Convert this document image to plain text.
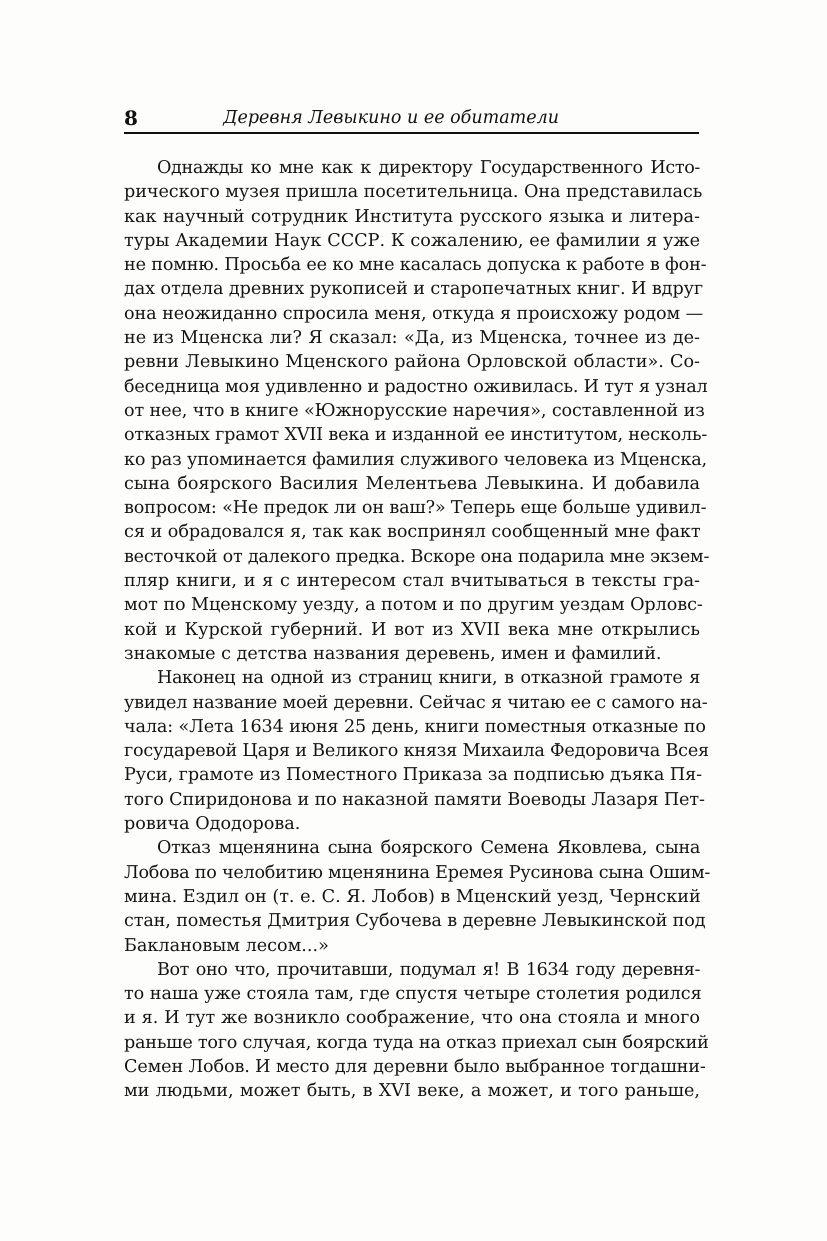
8	Деревня Левыкино и ее обитатели
Однажды ко мне как к директору Государственного Исто-
рического музея пришла посетительница. Она представилась
как научный сотрудник Института русского языка и литера-
туры Академии Наук СССР. К сожалению, ее фамилии я уже
не помню. Просьба ее ко мне касалась допуска к работе в фон-
дах отдела древних рукописей и старопечатных книг. И вдруг
она неожиданно спросила меня, откуда я происхожу родом —
не из Мценска ли? Я сказал: «Да, из Мценска, точнее из де-
ревни Левыкино Мценского района Орловской области». Со-
беседница моя удивленно и радостно оживилась. И тут я узнал
от нее, что в книге «Южнорусские наречия», составленной из
отказных грамот XVII века и изданной ее институтом, несколь-
ко раз упоминается фамилия служивого человека из Мценска,
сына боярского Василия Мелентьева Левыкина. И добавила
вопросом: «Не предок ли он ваш?» Теперь еще больше удивил-
ся и обрадовался я, так как воспринял сообщенный мне факт
весточкой от далекого предка. Вскоре она подарила мне экзем-
пляр книги, и я с интересом стал вчитываться в тексты гра-
мот по Мценскому уезду, а потом и по другим уездам Орловс-
кой и Курской губерний. И вот из XVII века мне открылись
знакомые с детства названия деревень, имен и фамилий.
Наконец на одной из страниц книги, в отказной грамоте я
увидел название моей деревни. Сейчас я читаю ее с самого на-
чала: «Лета 1634 июня 25 день, книги поместныя отказные по
государевой Царя и Великого князя Михаила Федоровича Всея
Руси, грамоте из Поместного Приказа за подписью дъяка Пя-
того Спиридонова и по наказной памяти Воеводы Лазаря Пет-
ровича Ододорова.
Отказ мценянина сына боярского Семена Яковлева, сына
Лобова по челобитию мценянина Еремея Русинова сына Ошим-
мина. Ездил он (т. е. С. Я. Лобов) в Мценский уезд, Чернский
стан, поместья Дмитрия Субочева в деревне Левыкинской под
Баклановым лесом...»
Вот оно что, прочитавши, подумал я! В 1634 году деревня-
то наша уже стояла там, где спустя четыре столетия родился
и я. И тут же возникло соображение, что она стояла и много
раньше того случая, когда туда на отказ приехал сын боярский
Семен Лобов. И место для деревни было выбранное тогдашни-
ми людьми, может быть, в XVI веке, а может, и того раньше,
